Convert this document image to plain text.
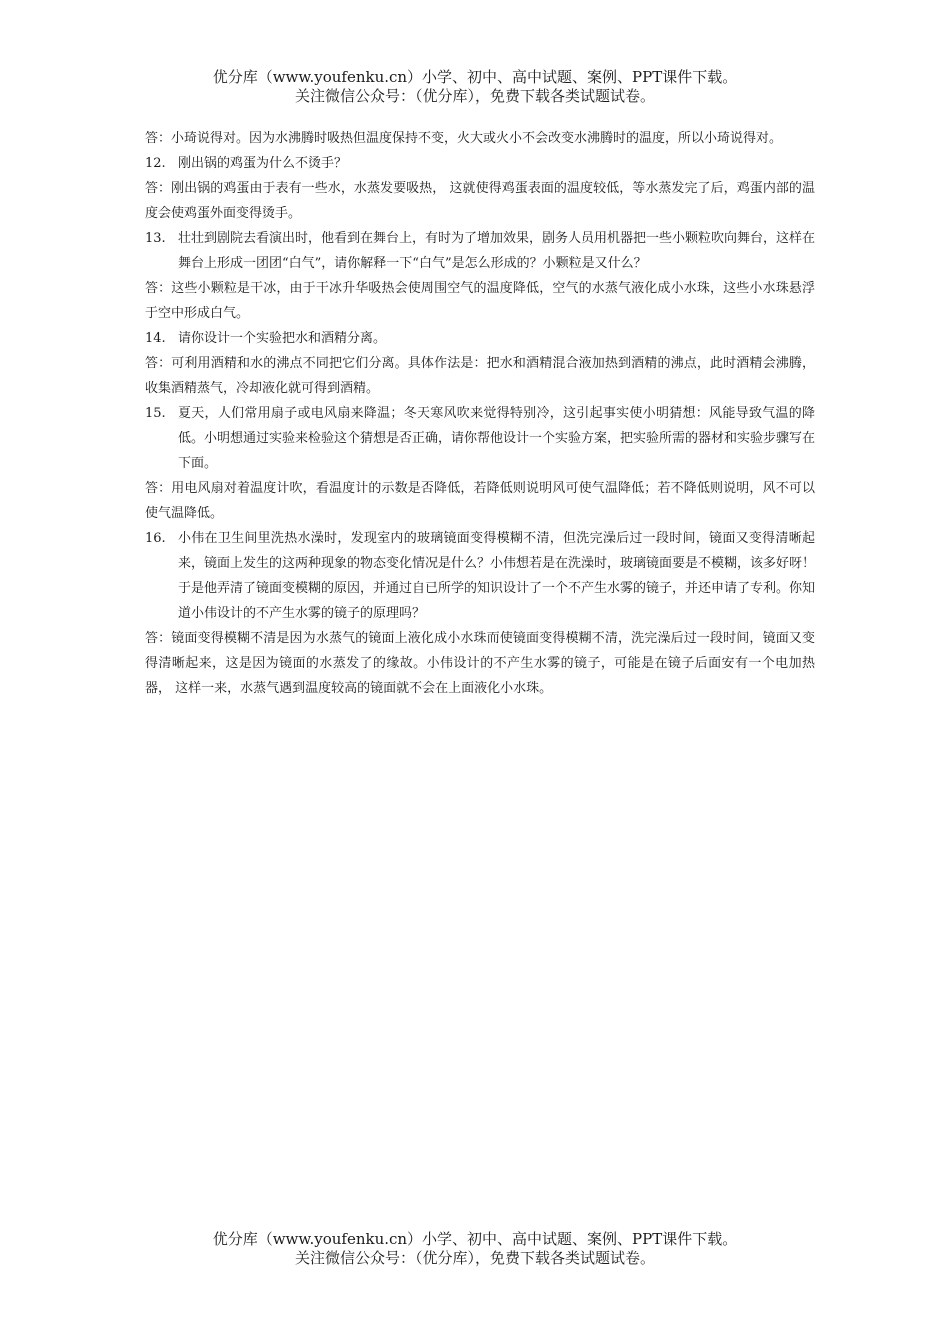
优分库（www.youfenku.cn）小学、初中、高中试题、案例、PPT课件下载。
关注微信公众号：（优分库），免费下载各类试题试卷。

答：小琦说得对。因为水沸腾时吸热但温度保持不变，火大或火小不会改变水沸腾时的温度，所以小琦说得对。

12. 刚出锅的鸡蛋为什么不烫手？

答：刚出锅的鸡蛋由于表有一些水，水蒸发要吸热， 这就使得鸡蛋表面的温度较低，等水蒸发完了后，鸡蛋内部的温度会使鸡蛋外面变得烫手。

13. 壮壮到剧院去看演出时，他看到在舞台上，有时为了增加效果，剧务人员用机器把一些小颗粒吹向舞台，这样在舞台上形成一团团“白气”，请你解释一下“白气”是怎么形成的？小颗粒是又什么？

答：这些小颗粒是干冰，由于干冰升华吸热会使周围空气的温度降低，空气的水蒸气液化成小水珠，这些小水珠悬浮于空中形成白气。

14. 请你设计一个实验把水和酒精分离。

答：可利用酒精和水的沸点不同把它们分离。具体作法是：把水和酒精混合液加热到酒精的沸点，此时酒精会沸腾，收集酒精蒸气，冷却液化就可得到酒精。

15. 夏天，人们常用扇子或电风扇来降温；冬天寒风吹来觉得特别冷，这引起事实使小明猜想：风能导致气温的降低。小明想通过实验来检验这个猜想是否正确，请你帮他设计一个实验方案，把实验所需的器材和实验步骤写在下面。

答：用电风扇对着温度计吹，看温度计的示数是否降低，若降低则说明风可使气温降低；若不降低则说明，风不可以使气温降低。

16. 小伟在卫生间里洗热水澡时，发现室内的玻璃镜面变得模糊不清，但洗完澡后过一段时间，镜面又变得清晰起来，镜面上发生的这两种现象的物态变化情况是什么？小伟想若是在洗澡时，玻璃镜面要是不模糊，该多好呀！于是他弄清了镜面变模糊的原因，并通过自已所学的知识设计了一个不产生水雾的镜子，并还申请了专利。你知道小伟设计的不产生水雾的镜子的原理吗？

答：镜面变得模糊不清是因为水蒸气的镜面上液化成小水珠而使镜面变得模糊不清，洗完澡后过一段时间，镜面又变得清晰起来，这是因为镜面的水蒸发了的缘故。小伟设计的不产生水雾的镜子，可能是在镜子后面安有一个电加热器， 这样一来，水蒸气遇到温度较高的镜面就不会在上面液化小水珠。

优分库（www.youfenku.cn）小学、初中、高中试题、案例、PPT课件下载。
关注微信公众号：（优分库），免费下载各类试题试卷。
